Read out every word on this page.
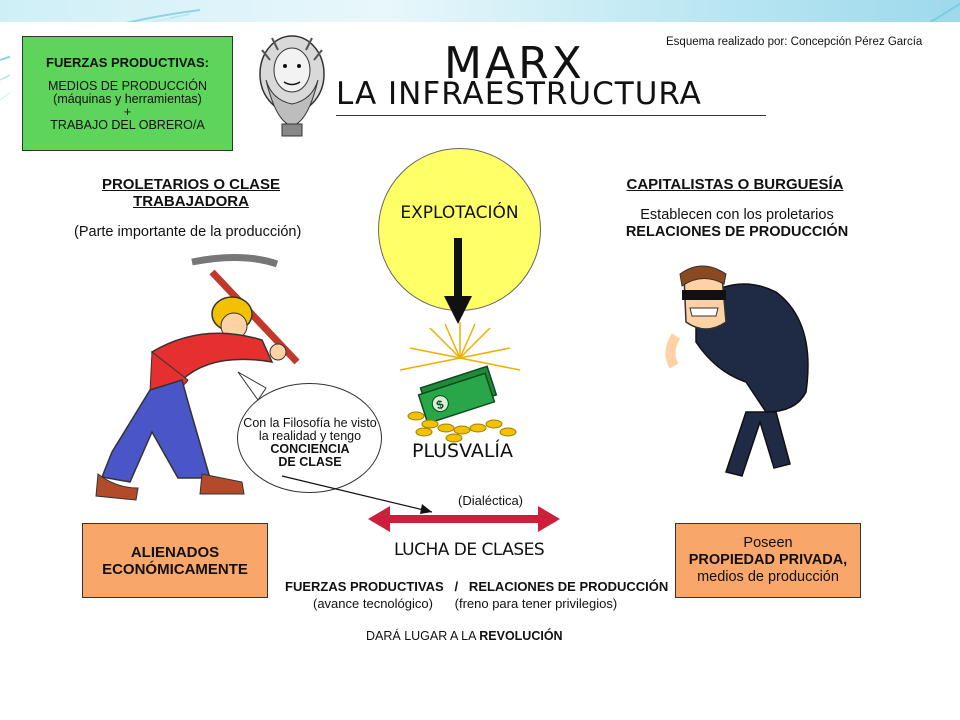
FUERZAS PRODUCTIVAS:
MEDIOS DE PRODUCCIÓN
(máquinas y herramientas)
+
TRABAJO DEL OBRERO/A
MARX
LA INFRAESTRUCTURA
Esquema realizado por: Concepción Pérez García
PROLETARIOS O CLASE
TRABAJADORA
(Parte importante de la producción)
CAPITALISTAS O BURGUESÍA
Establecen con los proletarios
RELACIONES DE PRODUCCIÓN
EXPLOTACIÓN
$
PLUSVALÍA
Con la Filosofía he visto
la realidad y tengo
CONCIENCIA
DE CLASE
(Dialéctica)
LUCHA DE CLASES
ALIENADOS
ECONÓMICAMENTE
Poseen
PROPIEDAD PRIVADA,
medios de producción
FUERZAS PRODUCTIVAS   /   RELACIONES DE PRODUCCIÓN
(avance tecnológico)      (freno para tener privilegios)
DARÁ LUGAR A LA REVOLUCIÓN
